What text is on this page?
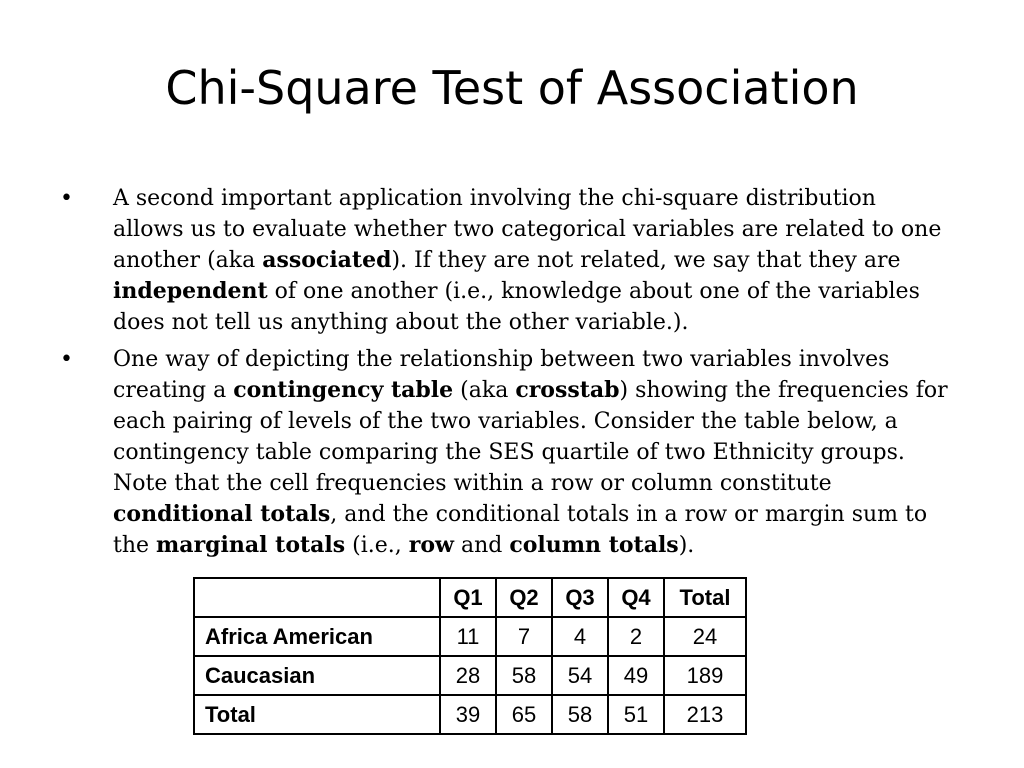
Chi-Square Test of Association
•	A second important application involving the chi-square distribution allows us to evaluate whether two categorical variables are related to one another (aka associated). If they are not related, we say that they are independent of one another (i.e., knowledge about one of the variables does not tell us anything about the other variable.).
•	One way of depicting the relationship between two variables involves creating a contingency table (aka crosstab) showing the frequencies for each pairing of levels of the two variables. Consider the table below, a contingency table comparing the SES quartile of two Ethnicity groups. Note that the cell frequencies within a row or column constitute conditional totals, and the conditional totals in a row or margin sum to the marginal totals (i.e., row and column totals).
	Q1	Q2	Q3	Q4	Total
Africa American	11	7	4	2	24
Caucasian	28	58	54	49	189
Total	39	65	58	51	213
